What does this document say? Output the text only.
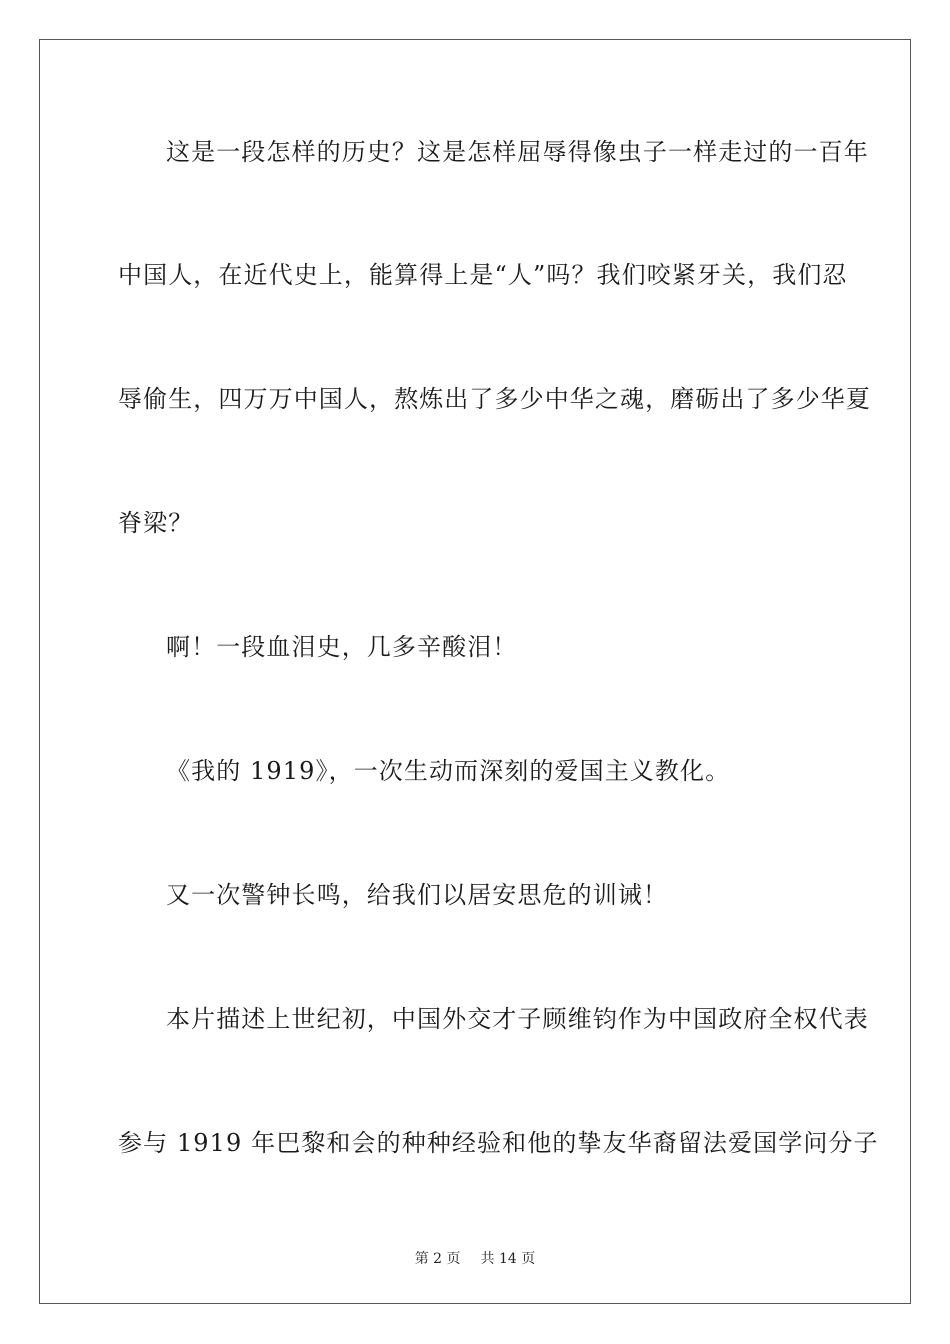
这是一段怎样的历史？这是怎样屈辱得像虫子一样走过的一百年
中国人，在近代史上，能算得上是“人”吗？我们咬紧牙关，我们忍
辱偷生，四万万中国人，熬炼出了多少中华之魂，磨砺出了多少华夏
脊梁？
啊！一段血泪史，几多辛酸泪！
《我的 1919》，一次生动而深刻的爱国主义教化。
又一次警钟长鸣，给我们以居安思危的训诫！
本片描述上世纪初，中国外交才子顾维钧作为中国政府全权代表
参与 1919 年巴黎和会的种种经验和他的挚友华裔留法爱国学问分子
第 2 页 共 14 页
